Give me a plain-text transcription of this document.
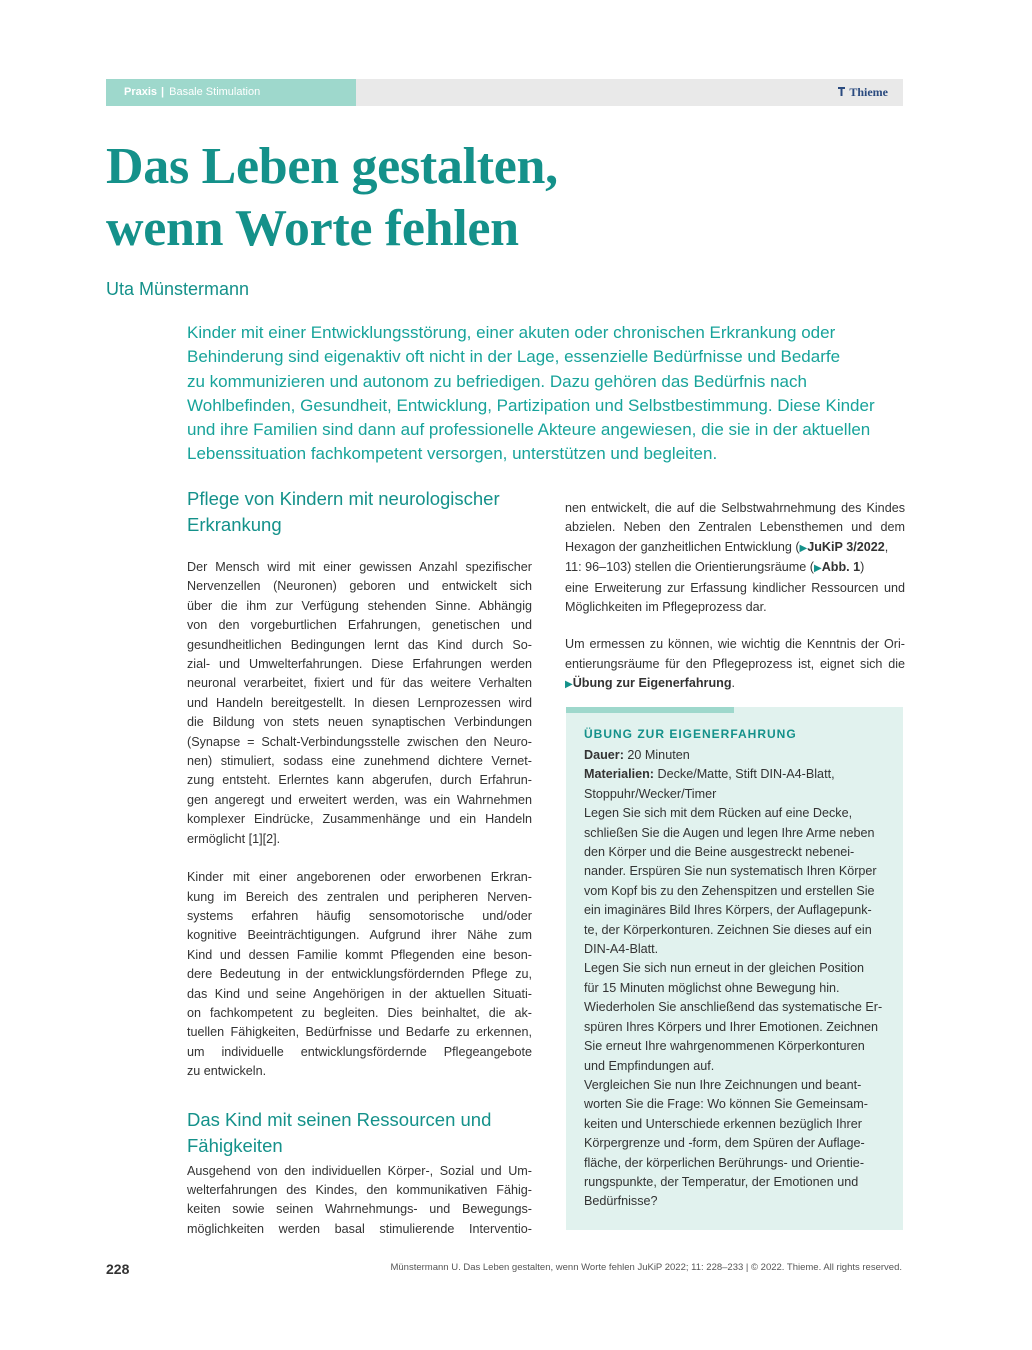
Praxis | Basale Stimulation	Thieme
Das Leben gestalten,
wenn Worte fehlen
Uta Münstermann

Kinder mit einer Entwicklungsstörung, einer akuten oder chronischen Erkrankung oder
Behinderung sind eigenaktiv oft nicht in der Lage, essenzielle Bedürfnisse und Bedarfe
zu kommunizieren und autonom zu befriedigen. Dazu gehören das Bedürfnis nach
Wohlbefinden, Gesundheit, Entwicklung, Partizipation und Selbstbestimmung. Diese Kinder
und ihre Familien sind dann auf professionelle Akteure angewiesen, die sie in der aktuellen
Lebenssituation fachkompetent versorgen, unterstützen und begleiten.

Pflege von Kindern mit neurologischer
Erkrankung

Der Mensch wird mit einer gewissen Anzahl spezifischer
Nervenzellen (Neuronen) geboren und entwickelt sich
über die ihm zur Verfügung stehenden Sinne. Abhängig
von den vorgeburtlichen Erfahrungen, genetischen und
gesundheitlichen Bedingungen lernt das Kind durch So-
zial- und Umwelterfahrungen. Diese Erfahrungen werden
neuronal verarbeitet, fixiert und für das weitere Verhalten
und Handeln bereitgestellt. In diesen Lernprozessen wird
die Bildung von stets neuen synaptischen Verbindungen
(Synapse = Schalt-Verbindungsstelle zwischen den Neuro-
nen) stimuliert, sodass eine zunehmend dichtere Vernet-
zung entsteht. Erlerntes kann abgerufen, durch Erfahrun-
gen angeregt und erweitert werden, was ein Wahrnehmen
komplexer Eindrücke, Zusammenhänge und ein Handeln
ermöglicht [1][2].

Kinder mit einer angeborenen oder erworbenen Erkran-
kung im Bereich des zentralen und peripheren Nerven-
systems erfahren häufig sensomotorische und/oder
kognitive Beeinträchtigungen. Aufgrund ihrer Nähe zum
Kind und dessen Familie kommt Pflegenden eine beson-
dere Bedeutung in der entwicklungsfördernden Pflege zu,
das Kind und seine Angehörigen in der aktuellen Situati-
on fachkompetent zu begleiten. Dies beinhaltet, die ak-
tuellen Fähigkeiten, Bedürfnisse und Bedarfe zu erkennen,
um individuelle entwicklungsfördernde Pflegeangebote
zu entwickeln.

Das Kind mit seinen Ressourcen und
Fähigkeiten

Ausgehend von den individuellen Körper-, Sozial und Um-
welterfahrungen des Kindes, den kommunikativen Fähig-
keiten sowie seinen Wahrnehmungs- und Bewegungs-
möglichkeiten werden basal stimulierende Interventio-

nen entwickelt, die auf die Selbstwahrnehmung des Kindes
abzielen. Neben den Zentralen Lebensthemen und dem
Hexagon der ganzheitlichen Entwicklung (▶JuKiP 3/2022,
11: 96–103) stellen die Orientierungsräume (▶Abb. 1)
eine Erweiterung zur Erfassung kindlicher Ressourcen und
Möglichkeiten im Pflegeprozess dar.

Um ermessen zu können, wie wichtig die Kenntnis der Ori-
entierungsräume für den Pflegeprozess ist, eignet sich die
▶Übung zur Eigenerfahrung.

ÜBUNG ZUR EIGENERFAHRUNG

Dauer: 20 Minuten
Materialien: Decke/Matte, Stift DIN-A4-Blatt,
Stoppuhr/Wecker/Timer
Legen Sie sich mit dem Rücken auf eine Decke,
schließen Sie die Augen und legen Ihre Arme neben
den Körper und die Beine ausgestreckt nebenei-
nander. Erspüren Sie nun systematisch Ihren Körper
vom Kopf bis zu den Zehenspitzen und erstellen Sie
ein imaginäres Bild Ihres Körpers, der Auflagepunk-
te, der Körperkonturen. Zeichnen Sie dieses auf ein
DIN-A4-Blatt.
Legen Sie sich nun erneut in der gleichen Position
für 15 Minuten möglichst ohne Bewegung hin.
Wiederholen Sie anschließend das systematische Er-
spüren Ihres Körpers und Ihrer Emotionen. Zeichnen
Sie erneut Ihre wahrgenommenen Körperkonturen
und Empfindungen auf.
Vergleichen Sie nun Ihre Zeichnungen und beant-
worten Sie die Frage: Wo können Sie Gemeinsam-
keiten und Unterschiede erkennen bezüglich Ihrer
Körpergrenze und -form, dem Spüren der Auflage-
fläche, der körperlichen Berührungs- und Orientie-
rungspunkte, der Temperatur, der Emotionen und
Bedürfnisse?

228	Münstermann U. Das Leben gestalten, wenn Worte fehlen JuKiP 2022; 11: 228–233 | © 2022. Thieme. All rights reserved.
